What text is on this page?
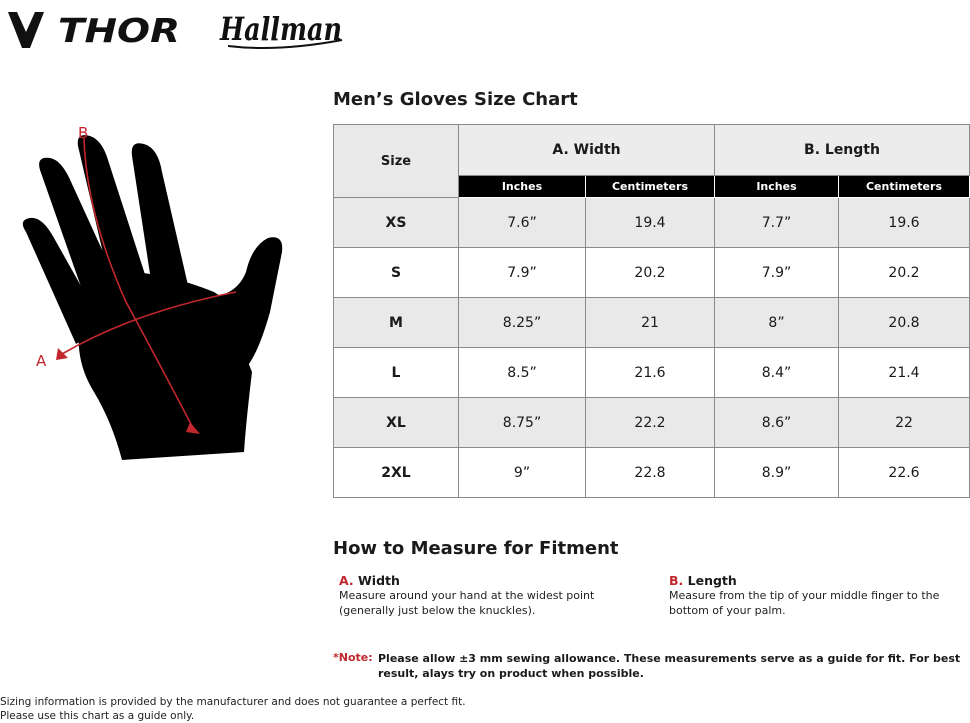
THOR Hallman
B
A
Men’s Gloves Size Chart
Size	A. Width		B. Length	
	Inches	Centimeters	Inches	Centimeters
XS	7.6”	19.4	7.7”	19.6
S	7.9”	20.2	7.9”	20.2
M	8.25”	21	8”	20.8
L	8.5”	21.6	8.4”	21.4
XL	8.75”	22.2	8.6”	22
2XL	9”	22.8	8.9”	22.6
How to Measure for Fitment
A. Width
Measure around your hand at the widest point (generally just below the knuckles).
B. Length
Measure from the tip of your middle finger to the bottom of your palm.
*Note: Please allow ±3 mm sewing allowance. These measurements serve as a guide for fit. For best result, alays try on product when possible.
Sizing information is provided by the manufacturer and does not guarantee a perfect fit.
Please use this chart as a guide only.
